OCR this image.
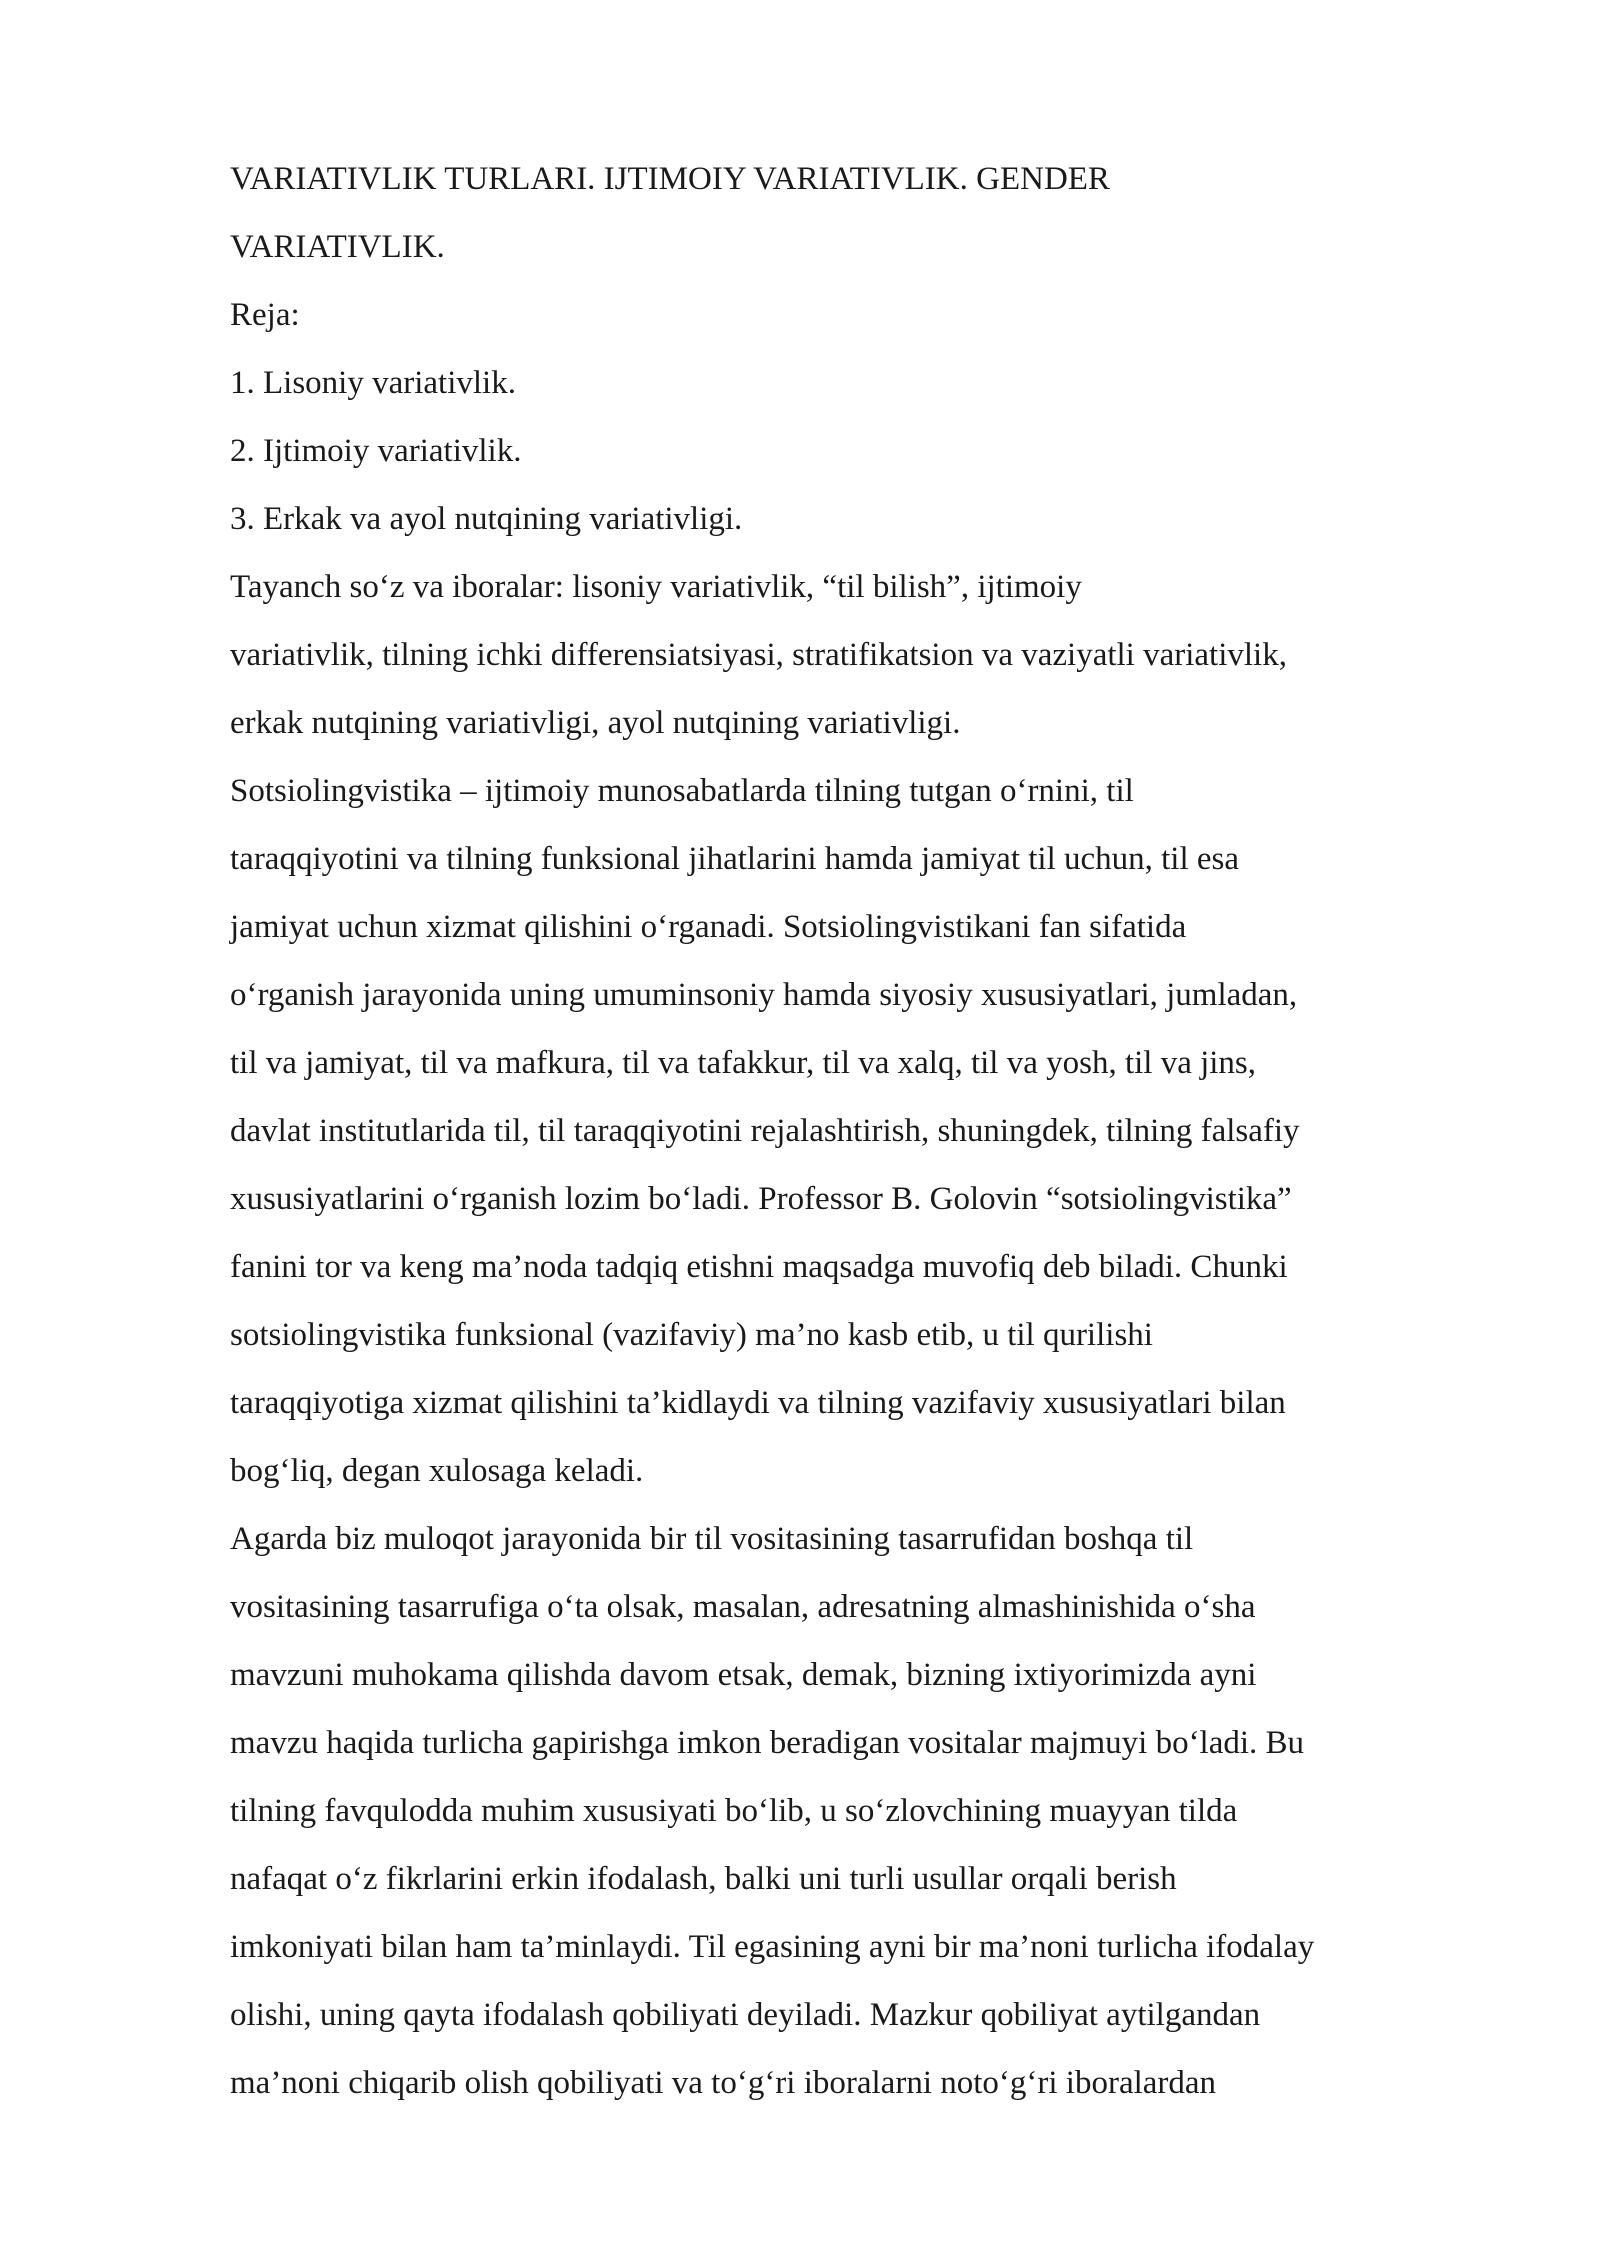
VARIATIVLIK TURLARI. IJTIMOIY VARIATIVLIK. GENDER
VARIATIVLIK.
Reja:
1. Lisoniy variativlik.
2. Ijtimoiy variativlik.
3. Erkak va ayol nutqining variativligi.
Tayanch so‘z va iboralar: lisoniy variativlik, “til bilish”, ijtimoiy
variativlik, tilning ichki differensiatsiyasi, stratifikatsion va vaziyatli variativlik,
erkak nutqining variativligi, ayol nutqining variativligi.
Sotsiolingvistika – ijtimoiy munosabatlarda tilning tutgan o‘rnini, til
taraqqiyotini va tilning funksional jihatlarini hamda jamiyat til uchun, til esa
jamiyat uchun xizmat qilishini o‘rganadi. Sotsiolingvistikani fan sifatida
o‘rganish jarayonida uning umuminsoniy hamda siyosiy xususiyatlari, jumladan,
til va jamiyat, til va mafkura, til va tafakkur, til va xalq, til va yosh, til va jins,
davlat institutlarida til, til taraqqiyotini rejalashtirish, shuningdek, tilning falsafiy
xususiyatlarini o‘rganish lozim bo‘ladi. Professor B. Golovin “sotsiolingvistika”
fanini tor va keng ma’noda tadqiq etishni maqsadga muvofiq deb biladi. Chunki
sotsiolingvistika funksional (vazifaviy) ma’no kasb etib, u til qurilishi
taraqqiyotiga xizmat qilishini ta’kidlaydi va tilning vazifaviy xususiyatlari bilan
bog‘liq, degan xulosaga keladi.
Agarda biz muloqot jarayonida bir til vositasining tasarrufidan boshqa til
vositasining tasarrufiga o‘ta olsak, masalan, adresatning almashinishida o‘sha
mavzuni muhokama qilishda davom etsak, demak, bizning ixtiyorimizda ayni
mavzu haqida turlicha gapirishga imkon beradigan vositalar majmuyi bo‘ladi. Bu
tilning favqulodda muhim xususiyati bo‘lib, u so‘zlovchining muayyan tilda
nafaqat o‘z fikrlarini erkin ifodalash, balki uni turli usullar orqali berish
imkoniyati bilan ham ta’minlaydi. Til egasining ayni bir ma’noni turlicha ifodalay
olishi, uning qayta ifodalash qobiliyati deyiladi. Mazkur qobiliyat aytilgandan
ma’noni chiqarib olish qobiliyati va to‘g‘ri iboralarni noto‘g‘ri iboralardan
